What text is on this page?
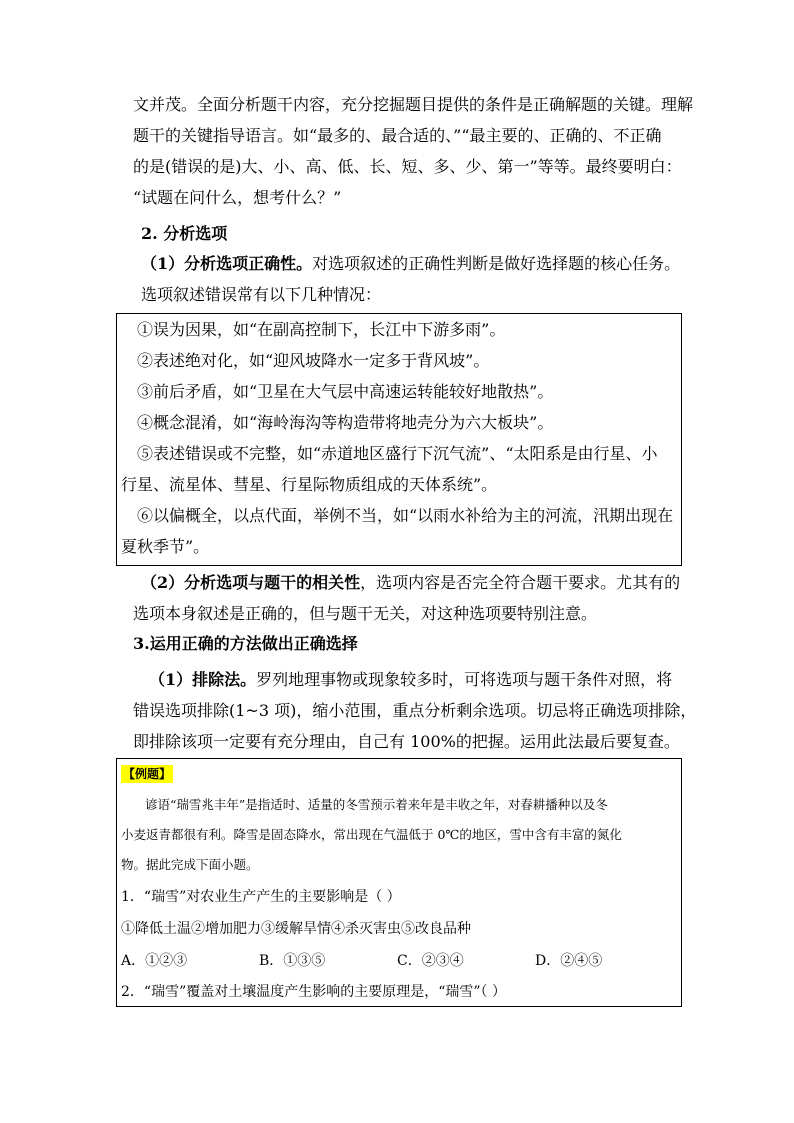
文并茂。全面分析题干内容，充分挖掘题目提供的条件是正确解题的关键。理解
题干的关键指导语言。如“最多的、最合适的、”“最主要的、正确的、不正确
的是(错误的是)大、小、高、低、长、短、多、少、第一”等等。最终要明白：
“试题在问什么，想考什么？”
2. 分析选项
（1）分析选项正确性。对选项叙述的正确性判断是做好选择题的核心任务。
选项叙述错误常有以下几种情况：
①误为因果，如“在副高控制下，长江中下游多雨”。
②表述绝对化，如“迎风坡降水一定多于背风坡”。
③前后矛盾，如“卫星在大气层中高速运转能较好地散热”。
④概念混淆，如“海岭海沟等构造带将地壳分为六大板块”。
⑤表述错误或不完整，如“赤道地区盛行下沉气流”、“太阳系是由行星、小
行星、流星体、彗星、行星际物质组成的天体系统”。
⑥以偏概全，以点代面，举例不当，如“以雨水补给为主的河流，汛期出现在
夏秋季节”。
（2）分析选项与题干的相关性，选项内容是否完全符合题干要求。尤其有的
选项本身叙述是正确的，但与题干无关，对这种选项要特别注意。
3.运用正确的方法做出正确选择
（1）排除法。罗列地理事物或现象较多时，可将选项与题干条件对照，将
错误选项排除(1~3 项)，缩小范围，重点分析剩余选项。切忌将正确选项排除，
即排除该项一定要有充分理由，自己有 100%的把握。运用此法最后要复查。
【例题】
谚语“瑞雪兆丰年”是指适时、适量的冬雪预示着来年是丰收之年，对春耕播种以及冬
小麦返青都很有利。降雪是固态降水，常出现在气温低于 0℃的地区，雪中含有丰富的氮化
物。据此完成下面小题。
1．“瑞雪”对农业生产产生的主要影响是（ ）
①降低土温②增加肥力③缓解旱情④杀灭害虫⑤改良品种
A．①②③	B．①③⑤	C．②③④	D．②④⑤
2．“瑞雪”覆盖对土壤温度产生影响的主要原理是，“瑞雪”（ ）
